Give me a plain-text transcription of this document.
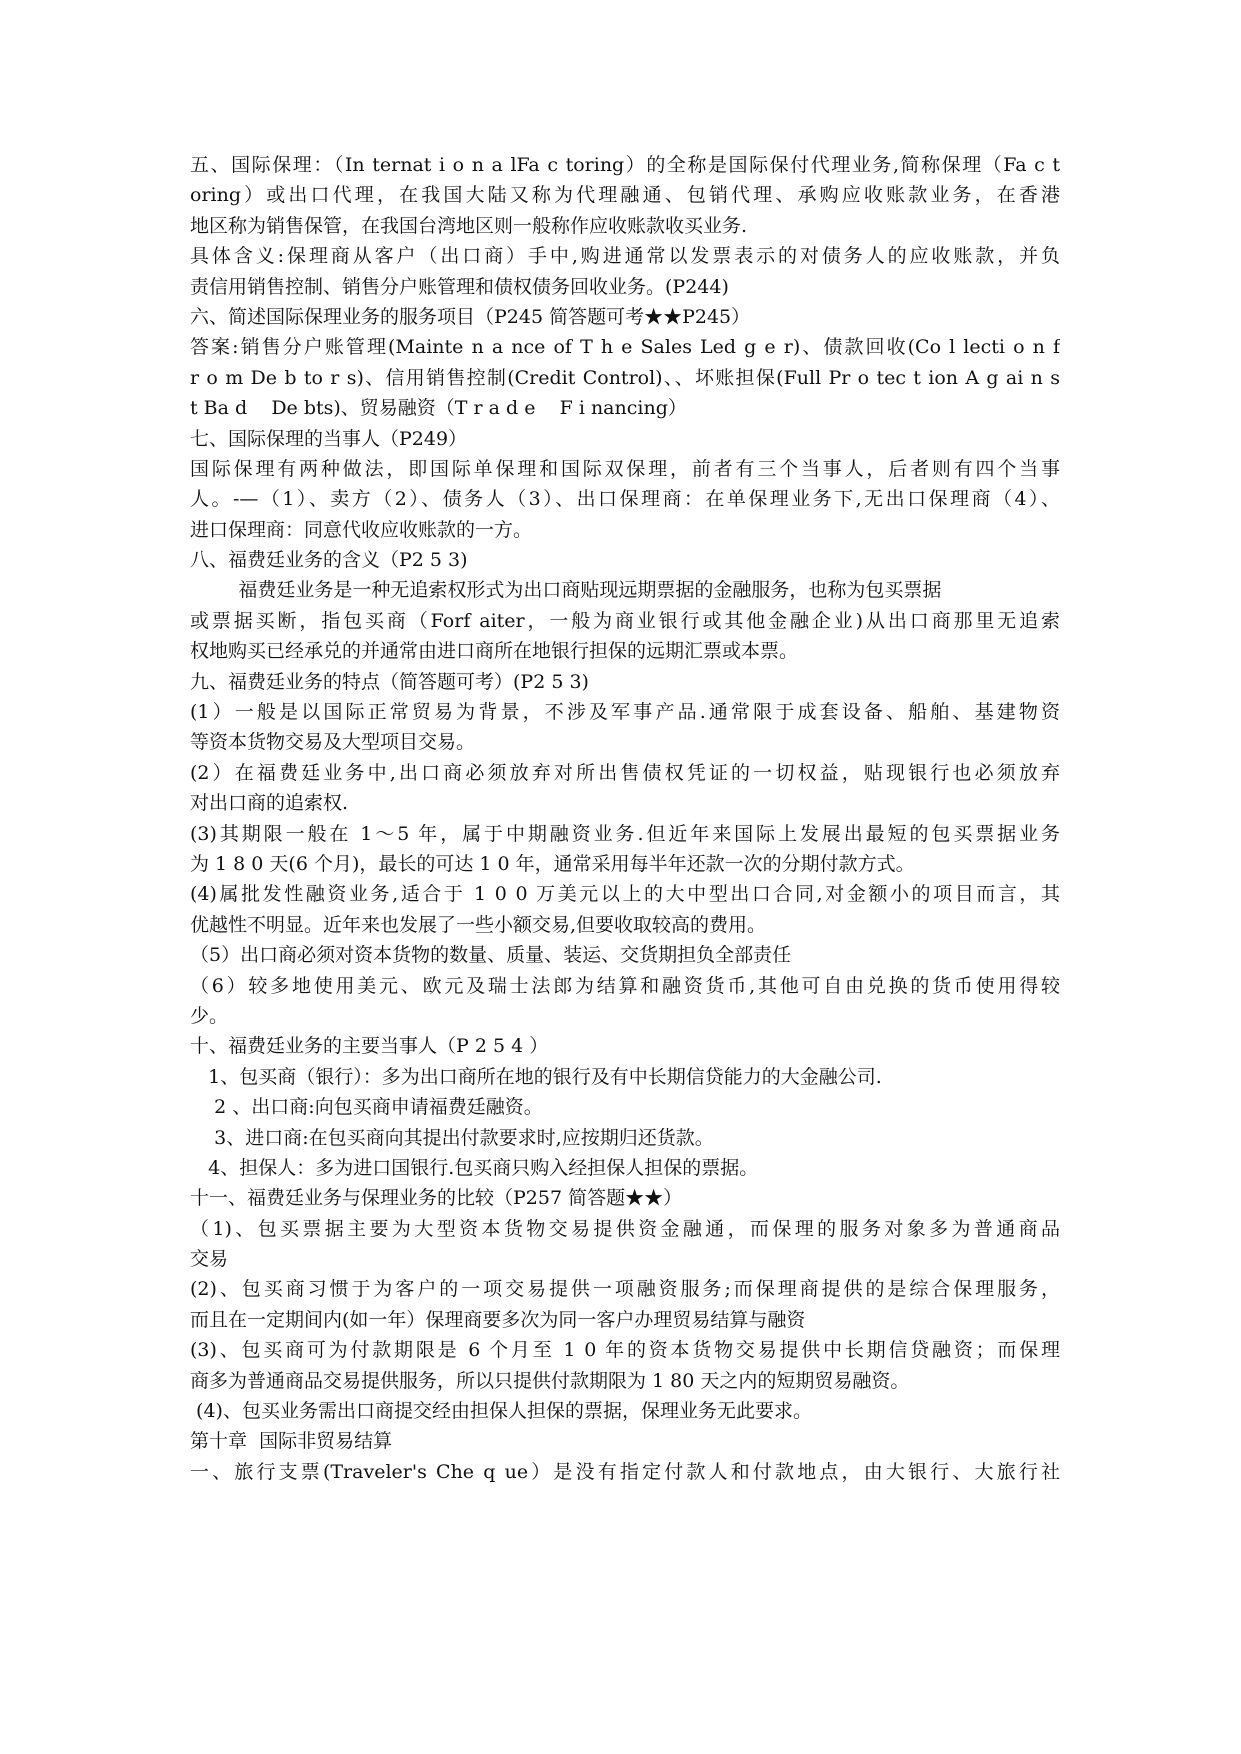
五、国际保理：（In ternat i o n a lFa c toring）的全称是国际保付代理业务,简称保理（Fa c t
oring）或出口代理，在我国大陆又称为代理融通、包销代理、承购应收账款业务，在香港
地区称为销售保管，在我国台湾地区则一般称作应收账款收买业务.
具体含义:保理商从客户（出口商）手中,购进通常以发票表示的对债务人的应收账款，并负
责信用销售控制、销售分户账管理和债权债务回收业务。(P244)
六、简述国际保理业务的服务项目（P245 简答题可考★★P245）
答案:销售分户账管理(Mainte n a nce of T h e Sales Led g e r)、债款回收(Co l lecti o n f
r o m De b to r s)、信用销售控制(Credit Control)、、坏账担保(Full Pr o tec t ion A g ai n s
t Ba d    De bts)、贸易融资（T r a d e    F i nancing）
七、国际保理的当事人（P249）
国际保理有两种做法，即国际单保理和国际双保理，前者有三个当事人，后者则有四个当事
人。-—（1）、卖方（2）、债务人（3）、出口保理商：在单保理业务下,无出口保理商（4）、
进口保理商：同意代收应收账款的一方。
八、福费廷业务的含义（P2 5 3)
福费廷业务是一种无追索权形式为出口商贴现远期票据的金融服务，也称为包买票据
或票据买断，指包买商（Forf aiter，一般为商业银行或其他金融企业)从出口商那里无追索
权地购买已经承兑的并通常由进口商所在地银行担保的远期汇票或本票。
九、福费廷业务的特点（简答题可考）(P2 5 3)
(1）一般是以国际正常贸易为背景，不涉及军事产品.通常限于成套设备、船舶、基建物资
等资本货物交易及大型项目交易。
(2）在福费廷业务中,出口商必须放弃对所出售债权凭证的一切权益，贴现银行也必须放弃
对出口商的追索权.
(3)其期限一般在 1～5 年，属于中期融资业务.但近年来国际上发展出最短的包买票据业务
为 1 8 0 天(6 个月)，最长的可达 1 0 年，通常采用每半年还款一次的分期付款方式。
(4)属批发性融资业务,适合于 1 0 0 万美元以上的大中型出口合同,对金额小的项目而言，其
优越性不明显。近年来也发展了一些小额交易,但要收取较高的费用。
（5）出口商必须对资本货物的数量、质量、装运、交货期担负全部责任
（6）较多地使用美元、欧元及瑞士法郎为结算和融资货币,其他可自由兑换的货币使用得较
少。
十、福费廷业务的主要当事人（P 2 5 4 ）
1、包买商（银行）：多为出口商所在地的银行及有中长期信贷能力的大金融公司.
2 、出口商:向包买商申请福费廷融资。
3、进口商:在包买商向其提出付款要求时,应按期归还货款。
4、担保人：多为进口国银行.包买商只购入经担保人担保的票据。
十一、福费廷业务与保理业务的比较（P257 简答题★★）
（1)、包买票据主要为大型资本货物交易提供资金融通，而保理的服务对象多为普通商品
交易
(2)、包买商习惯于为客户的一项交易提供一项融资服务;而保理商提供的是综合保理服务，
而且在一定期间内(如一年）保理商要多次为同一客户办理贸易结算与融资
(3)、包买商可为付款期限是 6 个月至 1 0 年的资本货物交易提供中长期信贷融资；而保理
商多为普通商品交易提供服务，所以只提供付款期限为 1 80 天之内的短期贸易融资。
(4)、包买业务需出口商提交经由担保人担保的票据，保理业务无此要求。
第十章  国际非贸易结算
一、旅行支票(Traveler's Che q ue）是没有指定付款人和付款地点，由大银行、大旅行社
